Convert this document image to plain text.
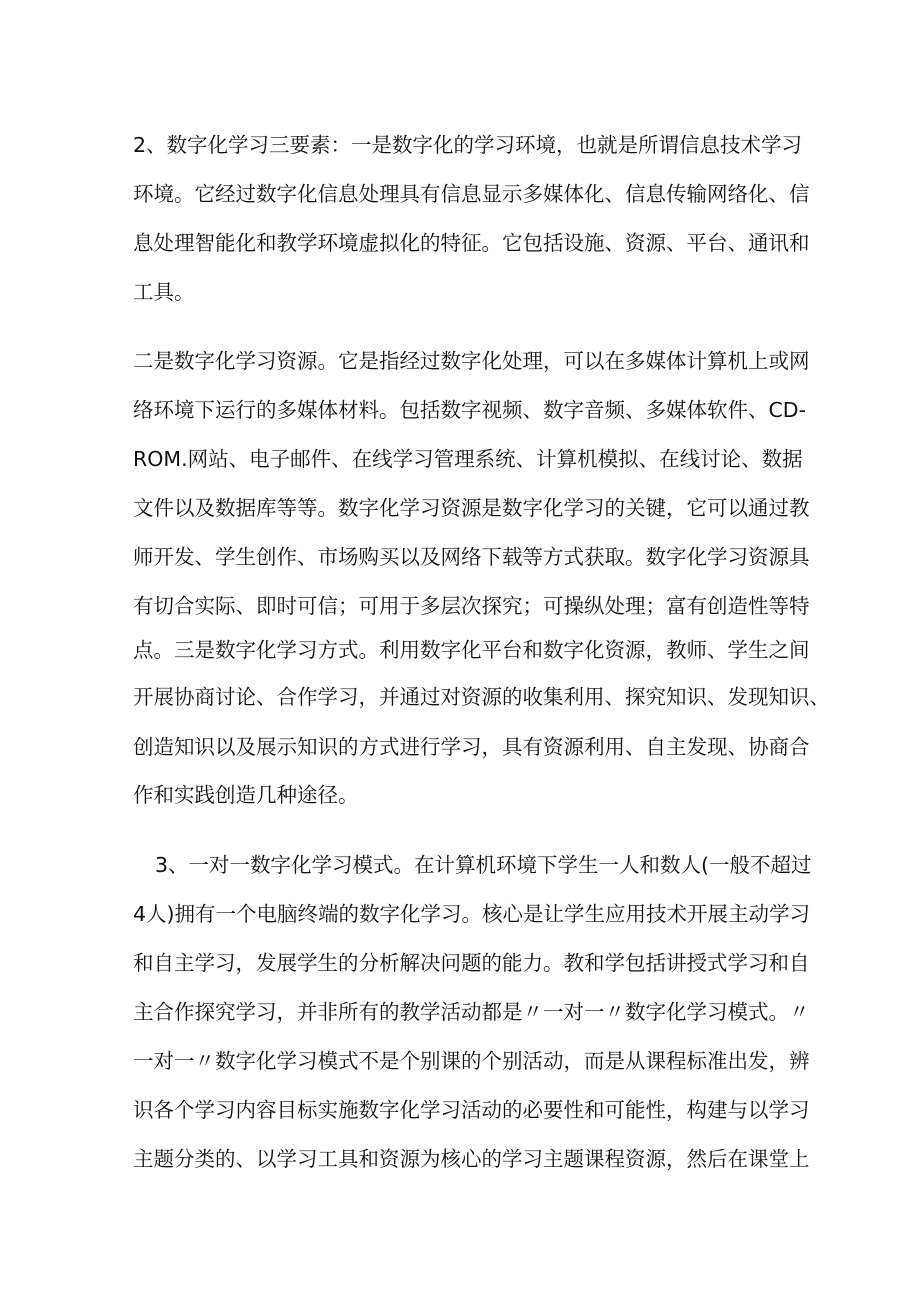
2、数字化学习三要素：一是数字化的学习环境，也就是所谓信息技术学习
环境。它经过数字化信息处理具有信息显示多媒体化、信息传输网络化、信
息处理智能化和教学环境虚拟化的特征。它包括设施、资源、平台、通讯和
工具。
二是数字化学习资源。它是指经过数字化处理，可以在多媒体计算机上或网
络环境下运行的多媒体材料。包括数字视频、数字音频、多媒体软件、CD-
ROM.网站、电子邮件、在线学习管理系统、计算机模拟、在线讨论、数据
文件以及数据库等等。数字化学习资源是数字化学习的关键，它可以通过教
师开发、学生创作、市场购买以及网络下载等方式获取。数字化学习资源具
有切合实际、即时可信；可用于多层次探究；可操纵处理；富有创造性等特
点。三是数字化学习方式。利用数字化平台和数字化资源，教师、学生之间
开展协商讨论、合作学习，并通过对资源的收集利用、探究知识、发现知识、
创造知识以及展示知识的方式进行学习，具有资源利用、自主发现、协商合
作和实践创造几种途径。
3、一对一数字化学习模式。在计算机环境下学生一人和数人(一般不超过
4人)拥有一个电脑终端的数字化学习。核心是让学生应用技术开展主动学习
和自主学习，发展学生的分析解决问题的能力。教和学包括讲授式学习和自
主合作探究学习，并非所有的教学活动都是〃一对一〃数字化学习模式。〃
一对一〃数字化学习模式不是个别课的个别活动，而是从课程标准出发，辨
识各个学习内容目标实施数字化学习活动的必要性和可能性，构建与以学习
主题分类的、以学习工具和资源为核心的学习主题课程资源，然后在课堂上
